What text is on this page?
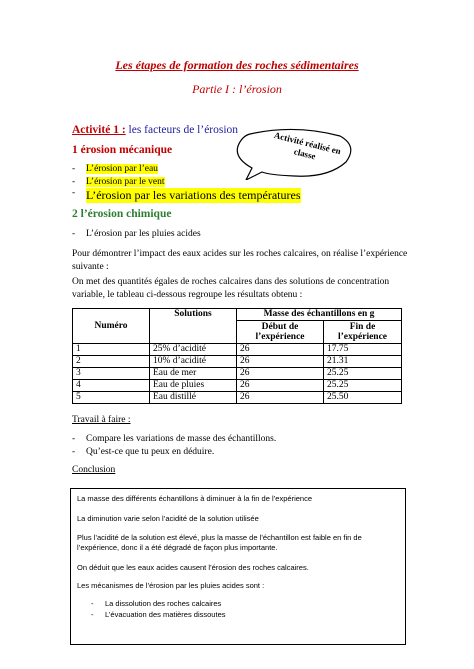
Les étapes de formation des roches sédimentaires
Partie I : l’érosion
Activité 1 : les facteurs de l’érosion
Activité réalisé en classe
1 érosion mécanique
-	L’érosion par l’eau
-	L’érosion par le vent
- L’érosion par les variations des températures
2 l’érosion chimique
-	L’érosion par les pluies acides
Pour démontrer l’impact des eaux acides sur les roches calcaires, on réalise l’expérience suivante :
On met des quantités égales de roches calcaires dans des solutions de concentration variable, le tableau ci-dessous regroupe les résultats obtenu :
Numéro	Solutions	Masse des échantillons en g	
		Début de l’expérience	Fin de l’expérience
1	25% d’acidité	26	17.75
2	10% d’acidité	26	21.31
3	Eau de mer	26	25.25
4	Eau de pluies	26	25.25
5	Eau distillé	26	25.50
Travail à faire :
-	Compare les variations de masse des échantillons.
-	Qu’est-ce que tu peux en déduire.
Conclusion

La masse des différents échantillons à diminuer à la fin de l’expérience

La diminution varie selon l’acidité de la solution utilisée

Plus l’acidité de la solution est élevé, plus la masse de l’échantillon est faible en fin de l’expérience, donc il a été dégradé de façon plus importante.

On déduit que les eaux acides causent l’érosion des roches calcaires.

Les mécanismes de l’érosion par les pluies acides sont :

- La dissolution des roches calcaires

- L’évacuation des matières dissoutes
